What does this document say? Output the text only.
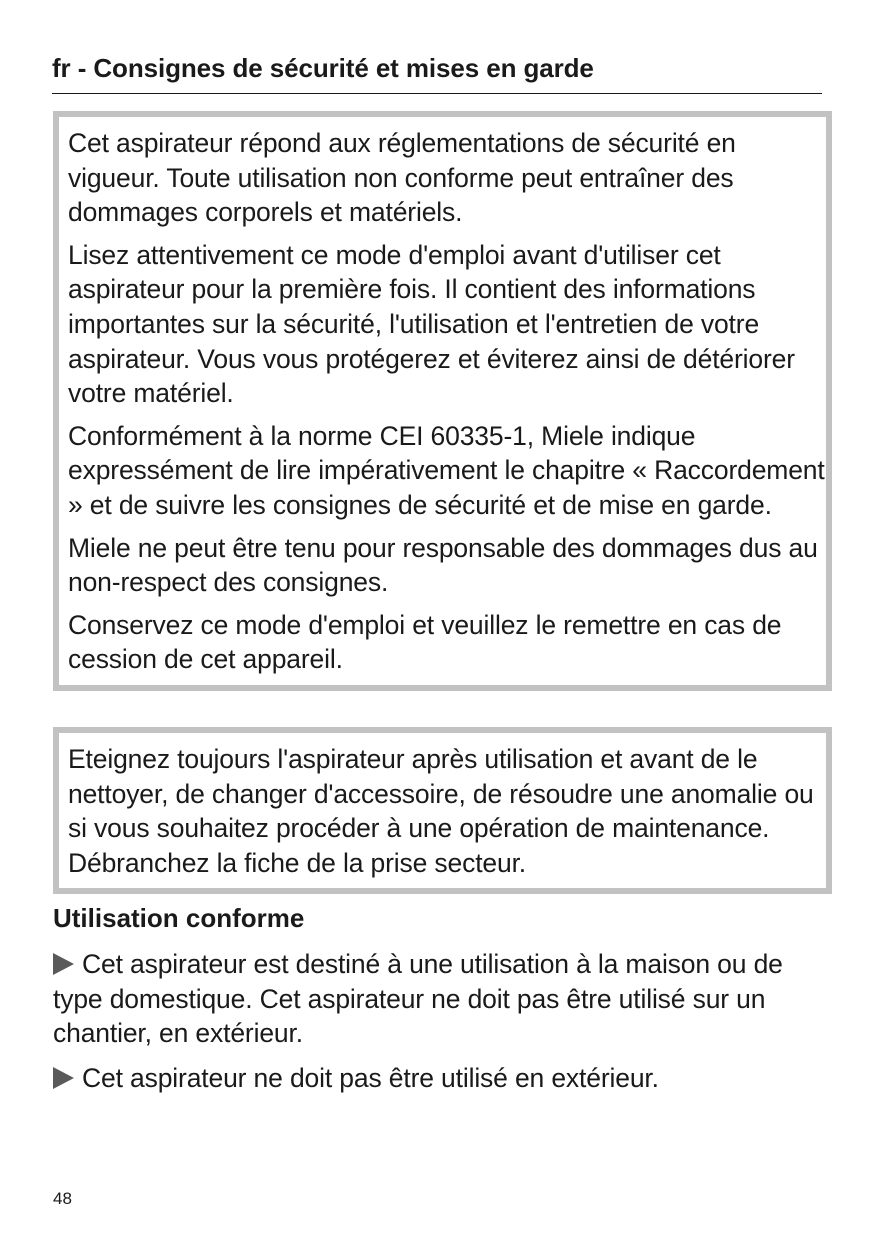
fr - Consignes de sécurité et mises en garde

Cet aspirateur répond aux réglementations de sécurité en vigueur. Toute utilisation non conforme peut entraîner des dommages corporels et matériels.

Lisez attentivement ce mode d'emploi avant d'utiliser cet aspirateur pour la première fois. Il contient des informations importantes sur la sécurité, l'utilisation et l'entretien de votre aspirateur. Vous vous protégerez et éviterez ainsi de détériorer votre matériel.

Conformément à la norme CEI 60335-1, Miele indique expressément de lire impérativement le chapitre « Raccordement » et de suivre les consignes de sécurité et de mise en garde.

Miele ne peut être tenu pour responsable des dommages dus au non-respect des consignes.

Conservez ce mode d'emploi et veuillez le remettre en cas de cession de cet appareil.

Eteignez toujours l'aspirateur après utilisation et avant de le nettoyer, de changer d'accessoire, de résoudre une anomalie ou si vous souhaitez procéder à une opération de maintenance. Débranchez la fiche de la prise secteur.

Utilisation conforme

Cet aspirateur est destiné à une utilisation à la maison ou de type domestique. Cet aspirateur ne doit pas être utilisé sur un chantier, en extérieur.

Cet aspirateur ne doit pas être utilisé en extérieur.

48
